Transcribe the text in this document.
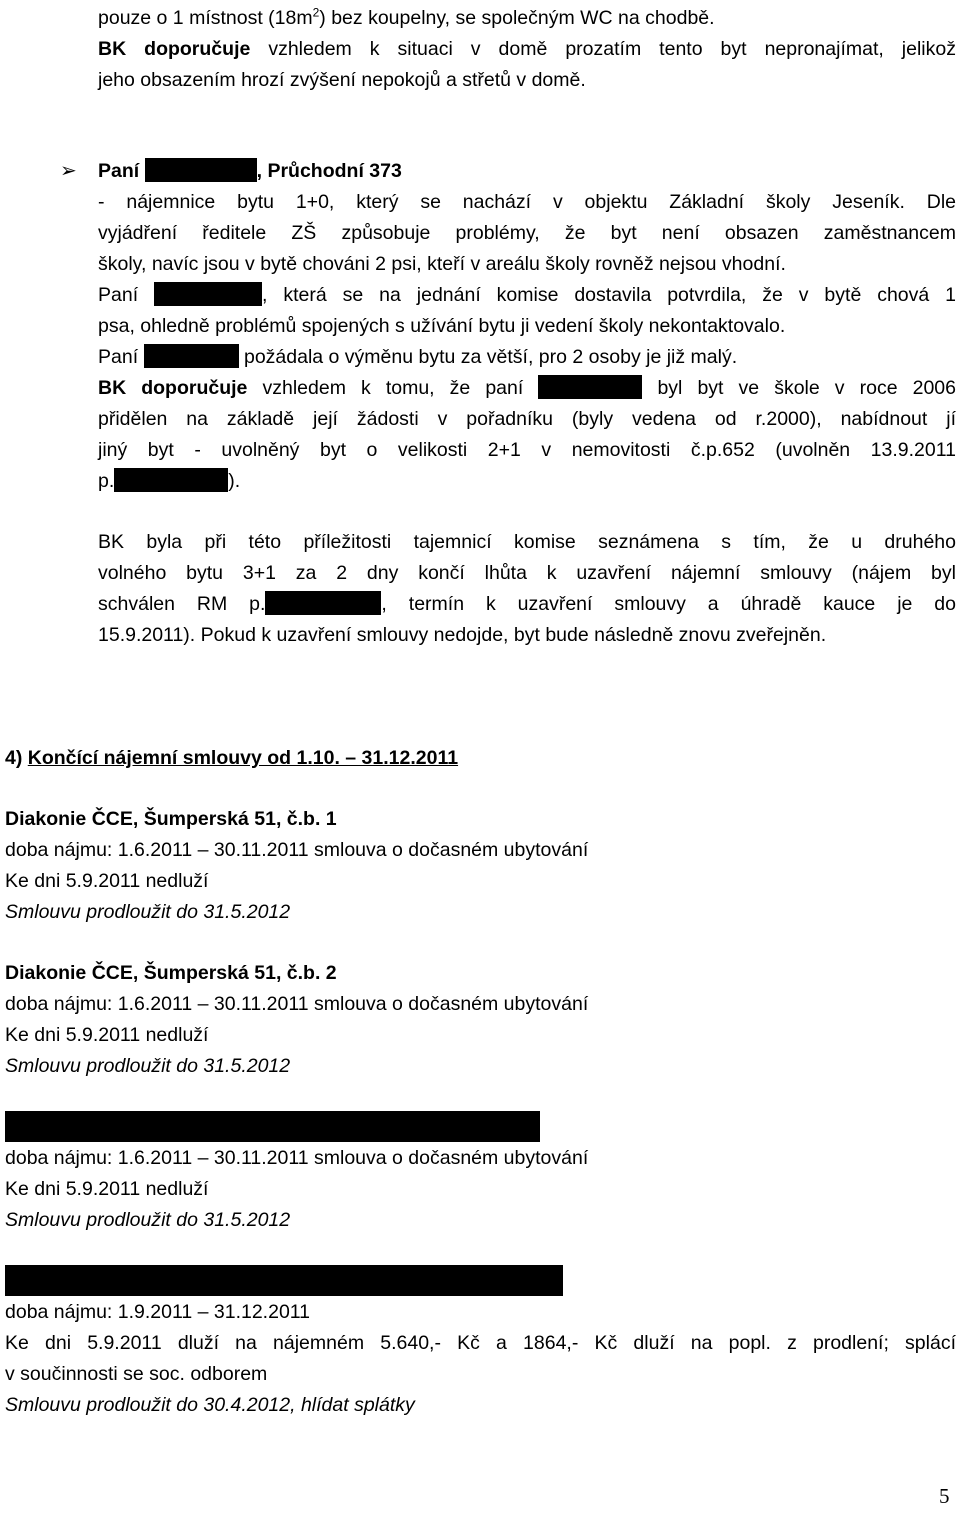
pouze o 1 místnost $(18m^2)$ bez koupelny, se společným WC na chodbě.
BK doporučuje vzhledem k situaci v domě prozatím tento byt nepronajímat, jelikož
jeho obsazením hrozí zvýšení nepokojů a střetů v domě.
➢ Paní	, Průchodní 373
- nájemnice bytu 1+0, který se nachází v objektu Základní školy Jeseník. Dle
vyjádření ředitele ZŠ způsobuje problémy, že byt není obsazen zaměstnancem
školy, navíc jsou v bytě chováni 2 psi, kteří v areálu školy rovněž nejsou vhodní.
Paní	, která se na jednání komise dostavila potvrdila, že v bytě chová 1
psa, ohledně problémů spojených s užívání bytu ji vedení školy nekontaktovalo.
Paní	požádala o výměnu bytu za větší, pro 2 osoby je již malý.
BK doporučuje vzhledem k tomu, že paní	byl byt ve škole v roce 2006
přidělen na základě její žádosti v pořadníku (byly vedena od r.2000), nabídnout jí
jiný byt - uvolněný byt o velikosti 2+1 v nemovitosti č.p.652 (uvolněn 13.9.2011
p.	).
BK byla při této příležitosti tajemnicí komise seznámena s tím, že u druhého
volného bytu 3+1 za 2 dny končí lhůta k uzavření nájemní smlouvy (nájem byl
schválen RM p.	, termín k uzavření smlouvy a úhradě kauce je do
15.9.2011). Pokud k uzavření smlouvy nedojde, byt bude následně znovu zveřejněn.
4) Končící nájemní smlouvy od 1.10. – 31.12.2011
Diakonie ČCE, Šumperská 51, č.b. 1
doba nájmu: 1.6.2011 – 30.11.2011 smlouva o dočasném ubytování
Ke dni 5.9.2011 nedluží
Smlouvu prodloužit do 31.5.2012
Diakonie ČCE, Šumperská 51, č.b. 2
doba nájmu: 1.6.2011 – 30.11.2011 smlouva o dočasném ubytování
Ke dni 5.9.2011 nedluží
Smlouvu prodloužit do 31.5.2012
doba nájmu: 1.6.2011 – 30.11.2011 smlouva o dočasném ubytování
Ke dni 5.9.2011 nedluží
Smlouvu prodloužit do 31.5.2012
doba nájmu: 1.9.2011 – 31.12.2011
Ke dni 5.9.2011 dluží na nájemném 5.640,- Kč a 1864,- Kč dluží na popl. z prodlení; splácí
v součinnosti se soc. odborem
Smlouvu prodloužit do 30.4.2012, hlídat splátky
5
